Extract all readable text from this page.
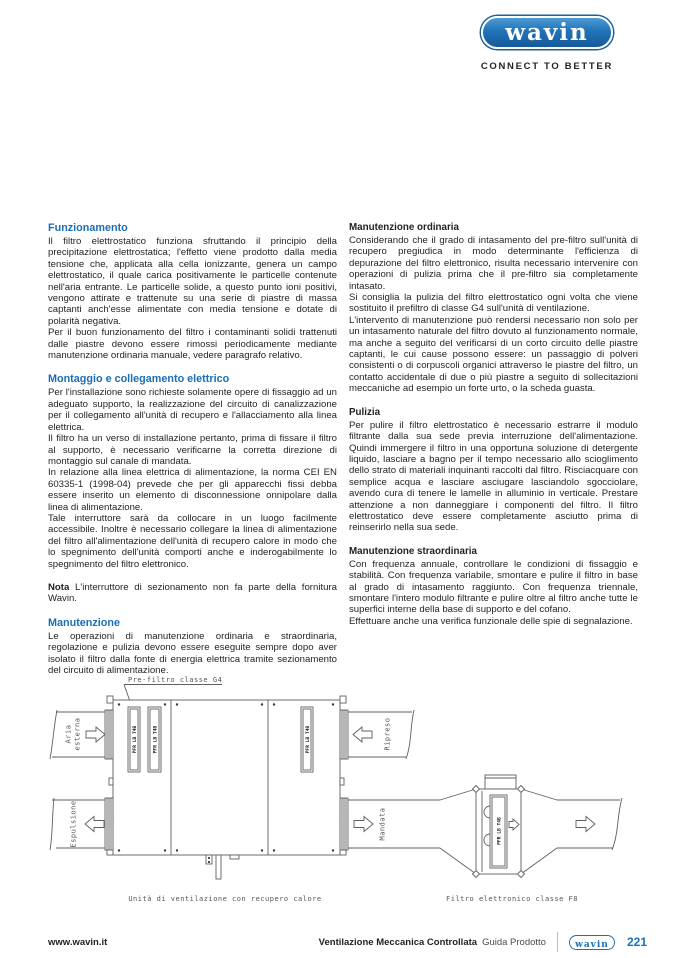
wavin
CONNECT TO BETTER
Funzionamento

Il filtro elettrostatico funziona sfruttando il principio della precipitazione elettrostatica; l'effetto viene prodotto dalla media tensione che, applicata alla cella ionizzante, genera un campo elettrostatico, il quale carica positivamente le particelle contenute nell'aria entrante. Le particelle solide, a questo punto ioni positivi, vengono attirate e trattenute su una serie di piastre di massa captanti anch'esse alimentate con media tensione e dotate di polarità negativa.

Per il buon funzionamento del filtro i contaminanti solidi trattenuti dalle piastre devono essere rimossi periodicamente mediante manutenzione ordinaria manuale, vedere paragrafo relativo.

Montaggio e collegamento elettrico

Per l'installazione sono richieste solamente opere di fissaggio ad un adeguato supporto, la realizzazione del circuito di canalizzazione per il collegamento all'unità di recupero e l'allacciamento alla linea elettrica.

Il filtro ha un verso di installazione pertanto, prima di fissare il filtro al supporto, è necessario verificarne la corretta direzione di montaggio sul canale di mandata.

In relazione alla linea elettrica di alimentazione, la norma CEI EN 60335-1 (1998-04) prevede che per gli apparecchi fissi debba essere inserito un elemento di disconnessione onnipolare dalla linea di alimentazione.

Tale interruttore sarà da collocare in un luogo facilmente accessibile. Inoltre è necessario collegare la linea di alimentazione del filtro all'alimentazione dell'unità di recupero calore in modo che lo spegnimento dell'unità comporti anche e inderogabilmente lo spegnimento del filtro elettronico.

Nota L'interruttore di sezionamento non fa parte della fornitura Wavin.

Manutenzione

Le operazioni di manutenzione ordinaria e straordinaria, regolazione e pulizia devono essere eseguite sempre dopo aver isolato il filtro dalla fonte di energia elettrica tramite sezionamento del circuito di alimentazione.

Manutenzione ordinaria

Considerando che il grado di intasamento del pre-filtro sull'unità di recupero pregiudica in modo determinante l'efficienza di depurazione del filtro elettronico, risulta necessario intervenire con operazioni di pulizia prima che il pre-filtro sia completamente intasato.

Si consiglia la pulizia del filtro elettrostatico ogni volta che viene sostituito il prefiltro di classe G4 sull'unità di ventilazione.

L'intervento di manutenzione può rendersi necessario non solo per un intasamento naturale del filtro dovuto al funzionamento normale, ma anche a seguito del verificarsi di un corto circuito delle piastre captanti, le cui cause possono essere: un passaggio di polveri consistenti o di corpuscoli organici attraverso le piastre del filtro, un contatto accidentale di due o più piastre a seguito di sollecitazioni meccaniche ad esempio un forte urto, o la scheda guasta.

Pulizia

Per pulire il filtro elettrostatico è necessario estrarre il modulo filtrante dalla sua sede previa interruzione dell'alimentazione. Quindi immergere il filtro in una opportuna soluzione di detergente liquido, lasciare a bagno per il tempo necessario allo scioglimento dello strato di materiali inquinanti raccolti dal filtro. Risciacquare con semplice acqua e lasciare asciugare lasciandolo sgocciolare, avendo cura di tenere le lamelle in alluminio in verticale. Prestare attenzione a non danneggiare i componenti del filtro. Il filtro elettrostatico deve essere completamente asciutto prima di reinserirlo nella sua sede.

Manutenzione straordinaria

Con frequenza annuale, controllare le condizioni di fissaggio e stabilità. Con frequenza variabile, smontare e pulire il filtro in base al grado di intasamento raggiunto. Con frequenza triennale, smontare l'intero modulo filtrante e pulire oltre al filtro anche tutte le superfici interne della base di supporto e del cofano.

Effettuare anche una verifica funzionale delle spie di segnalazione.

Pre-filtro classe G4
PFR LB T4B	PFR LB T4B	PFR LB T4B
Aria esterna
Espulsione
Ripreso
Mandata	PFR LB T4B
Unità di ventilazione con recupero calore	Filtro elettronico classe F8
www.wavin.it	Ventilazione Meccanica Controllata Guida Prodotto	wavin	221
